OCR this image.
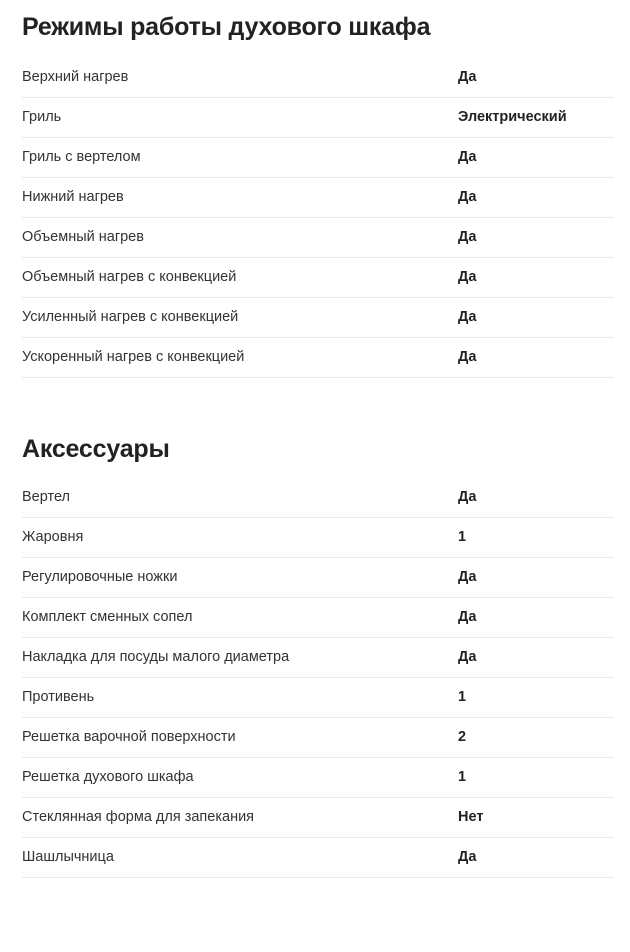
Режимы работы духового шкафа
Верхний нагрев	Да
Гриль	Электрический
Гриль с вертелом	Да
Нижний нагрев	Да
Объемный нагрев	Да
Объемный нагрев с конвекцией	Да
Усиленный нагрев с конвекцией	Да
Ускоренный нагрев с конвекцией	Да
Аксессуары
Вертел	Да
Жаровня	1
Регулировочные ножки	Да
Комплект сменных сопел	Да
Накладка для посуды малого диаметра	Да
Противень	1
Решетка варочной поверхности	2
Решетка духового шкафа	1
Стеклянная форма для запекания	Нет
Шашлычница	Да
